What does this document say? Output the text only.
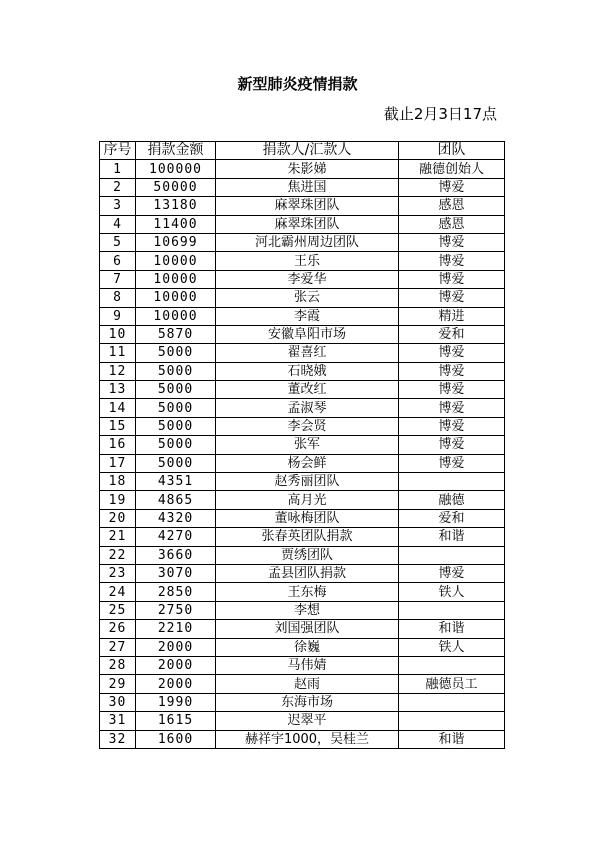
新型肺炎疫情捐款
截止2月3日17点
序号	捐款金额	捐款人/汇款人	团队
1	100000	朱影娣	融德创始人
2	50000	焦进国	博爱
3	13180	麻翠珠团队	感恩
4	11400	麻翠珠团队	感恩
5	10699	河北霸州周边团队	博爱
6	10000	王乐	博爱
7	10000	李爱华	博爱
8	10000	张云	博爱
9	10000	李霞	精进
10	5870	安徽阜阳市场	爱和
11	5000	翟喜红	博爱
12	5000	石晓娥	博爱
13	5000	董改红	博爱
14	5000	孟淑琴	博爱
15	5000	李会贤	博爱
16	5000	张军	博爱
17	5000	杨会鲜	博爱
18	4351	赵秀丽团队	
19	4865	高月光	融德
20	4320	董咏梅团队	爱和
21	4270	张春英团队捐款	和谐
22	3660	贾绣团队	
23	3070	孟县团队捐款	博爱
24	2850	王东梅	铁人
25	2750	李想	
26	2210	刘国强团队	和谐
27	2000	徐巍	铁人
28	2000	马伟婧	
29	2000	赵雨	融德员工
30	1990	东海市场	
31	1615	迟翠平	
32	1600	赫祥宇1000，吴桂兰	和谐
